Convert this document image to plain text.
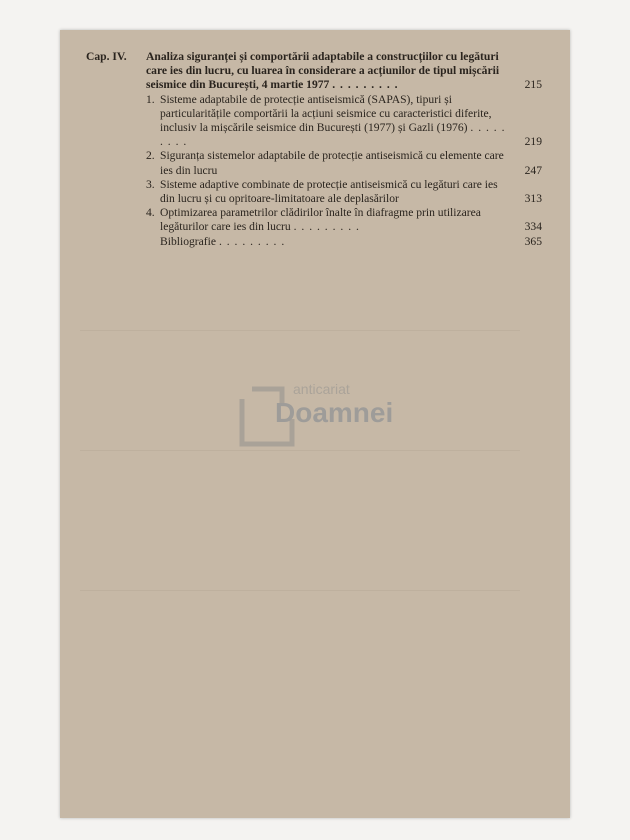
Cap. IV.	Analiza siguranței și comportării adaptabile a construcțiilor cu legături care ies din lucru, cu luarea în considerare a acțiunilor de tipul mișcării seismice din București, 4 martie 1977 . . . . . . . . .	215
1. Sisteme adaptabile de protecție antiseismică (SAPAS), tipuri și particularitățile comportării la acțiuni seismice cu caracteristici diferite, inclusiv la mișcările seismice din București (1977) și Gazli (1976) . . . . . . . . .	219
2. Siguranța sistemelor adaptabile de protecție antiseismică cu elemente care ies din lucru	247
3. Sisteme adaptive combinate de protecție antiseismică cu legături care ies din lucru și cu opritoare-limitatoare ale deplasărilor	313
4. Optimizarea parametrilor clădirilor înalte în diafragme prin utilizarea legăturilor care ies din lucru . . . . . . . . .	334
Bibliografie . . . . . . . . .	365
anticariat
Doamnei
